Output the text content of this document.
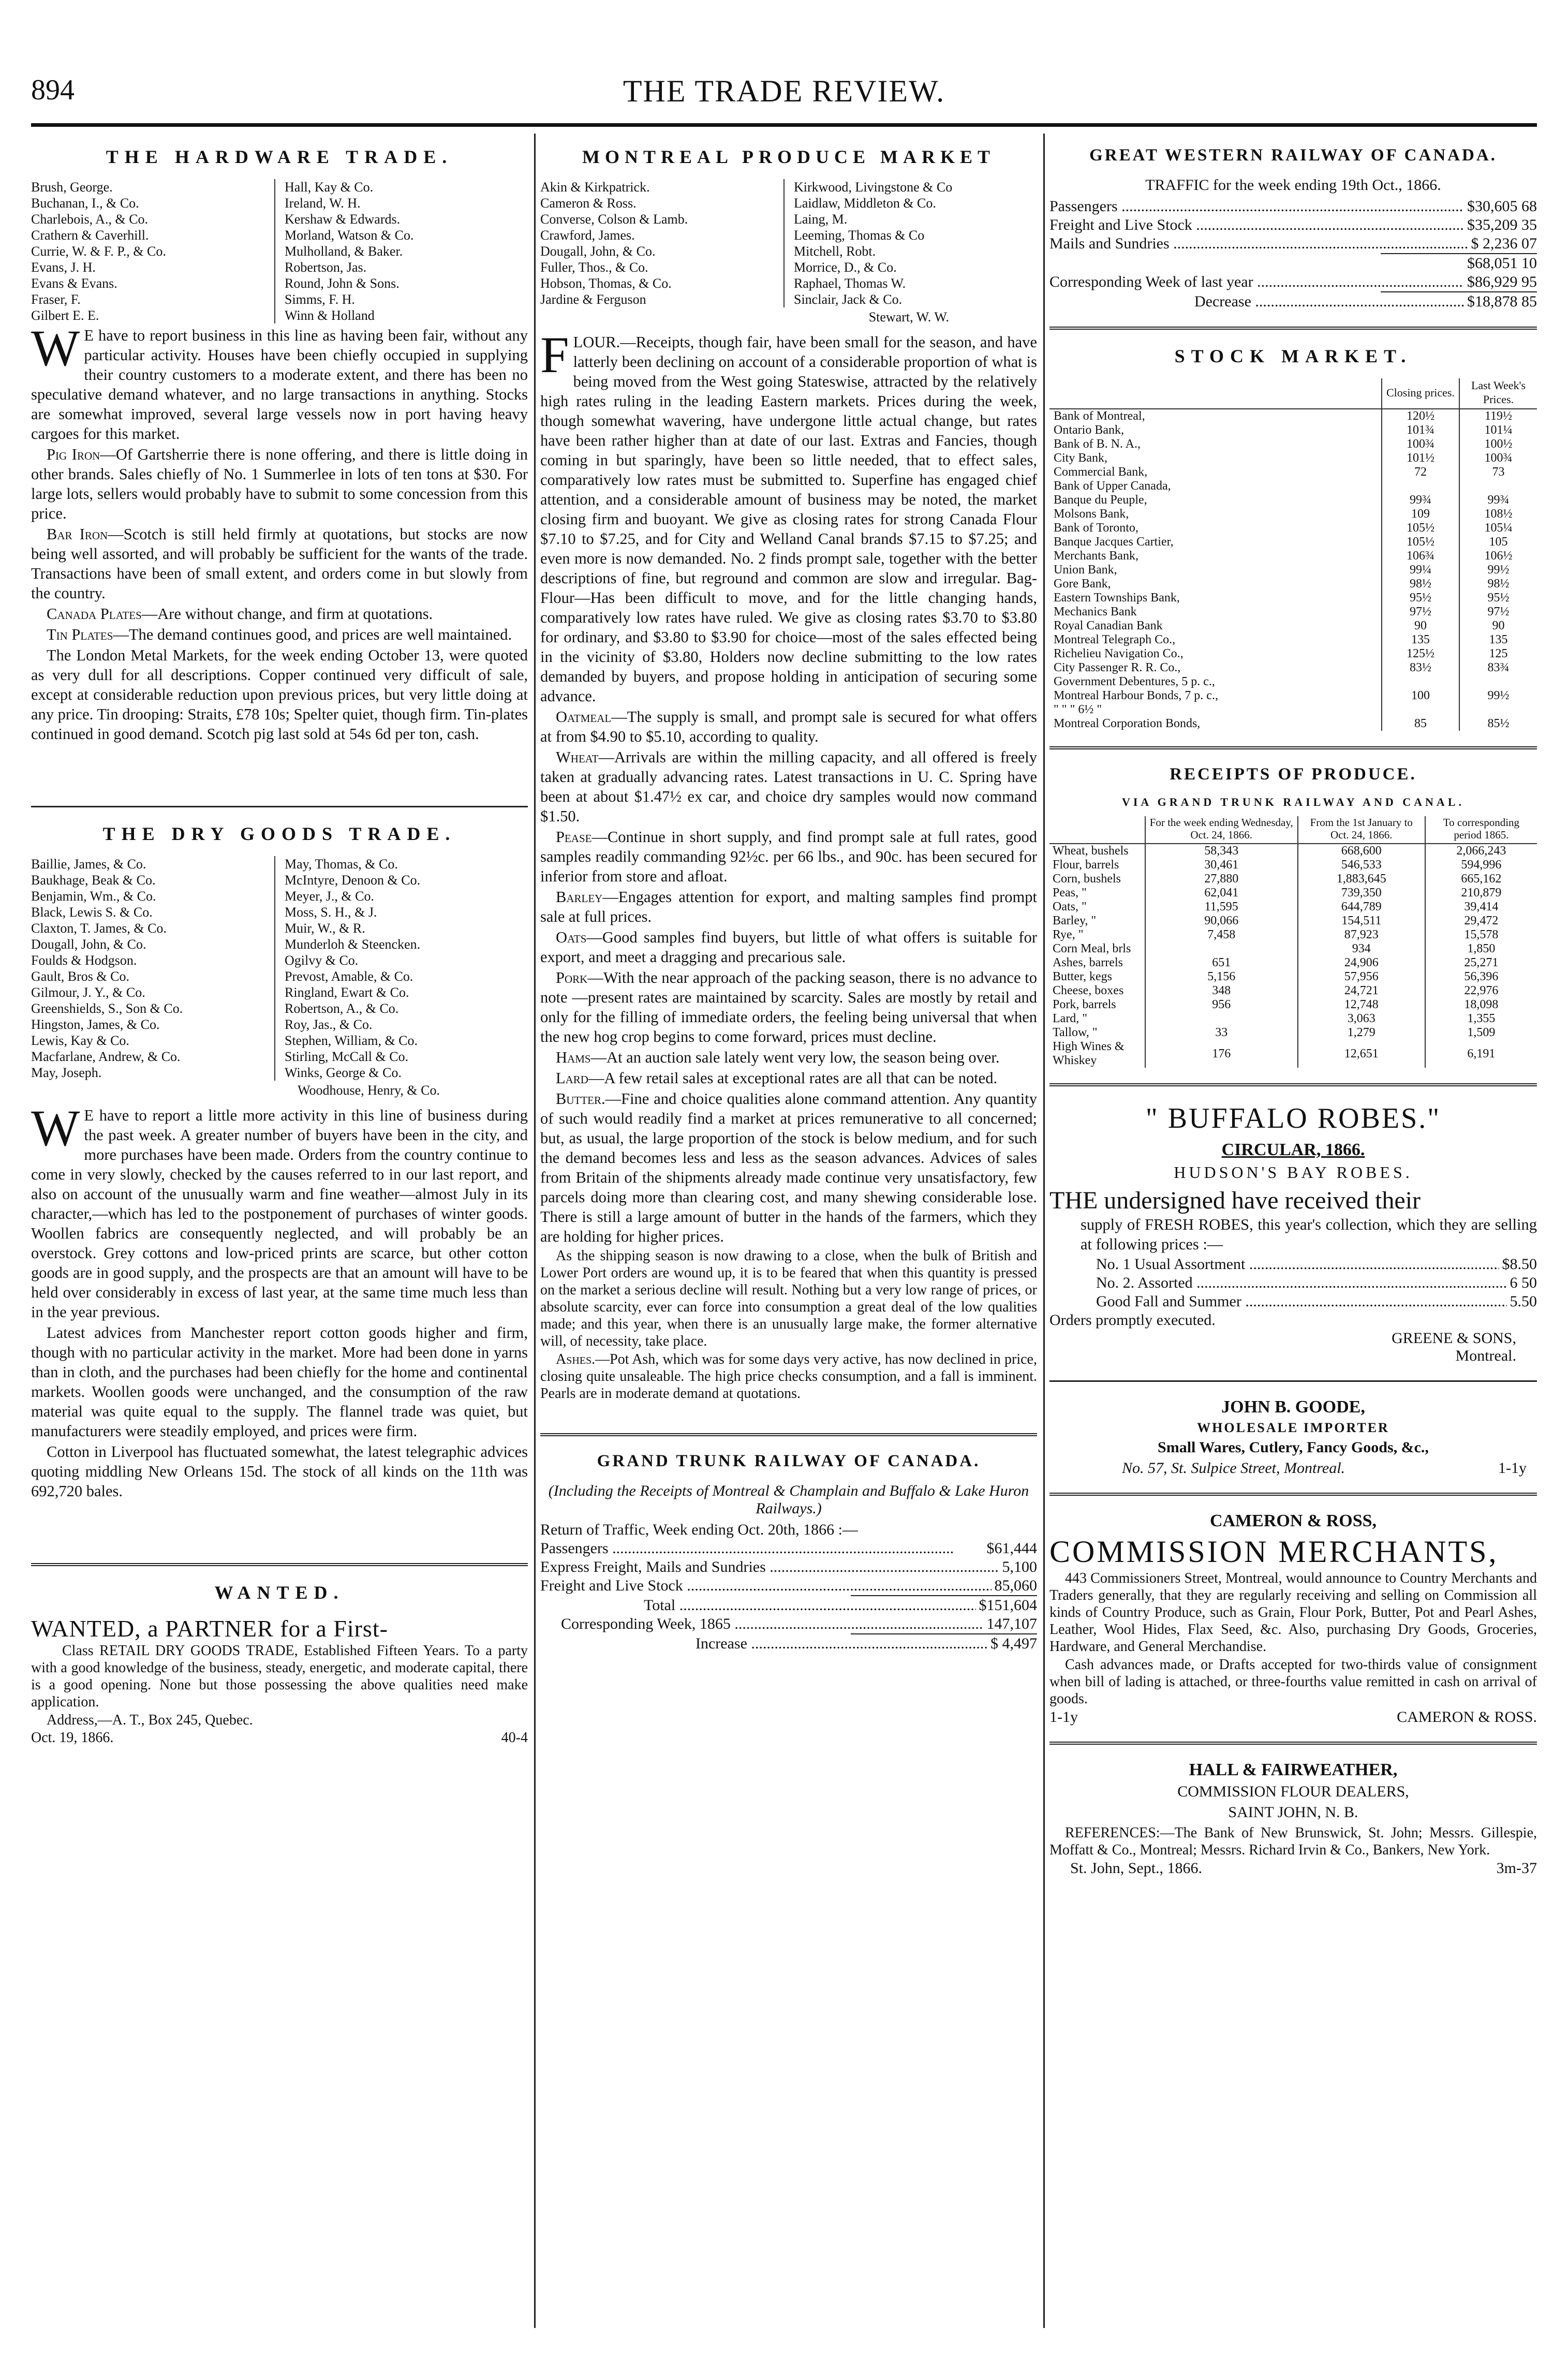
894	THE TRADE REVIEW.
THE HARDWARE TRADE.
Brush, George.
Buchanan, I., & Co.
Charlebois, A., & Co.
Crathern & Caverhill.
Currie, W. & F. P., & Co.
Evans, J. H.
Evans & Evans.
Fraser, F.
Gilbert E. E.
Hall, Kay & Co.
Ireland, W. H.
Kershaw & Edwards.
Morland, Watson & Co.
Mulholland, & Baker.
Robertson, Jas.
Round, John & Sons.
Simms, F. H.
Winn & Holland

WE have to report business in this line as having been fair, without any particular activity. Houses have been chiefly occupied in supplying their country customers to a moderate extent, and there has been no speculative demand whatever, and no large transactions in anything. Stocks are somewhat improved, several large vessels now in port having heavy cargoes for this market.

Pig Iron—Of Gartsherrie there is none offering, and there is little doing in other brands. Sales chiefly of No. 1 Summerlee in lots of ten tons at $30. For large lots, sellers would probably have to submit to some concession from this price.

Bar Iron—Scotch is still held firmly at quotations, but stocks are now being well assorted, and will probably be sufficient for the wants of the trade. Transactions have been of small extent, and orders come in but slowly from the country.

Canada Plates—Are without change, and firm at quotations.

Tin Plates—The demand continues good, and prices are well maintained.

The London Metal Markets, for the week ending October 13, were quoted as very dull for all descriptions. Copper continued very difficult of sale, except at considerable reduction upon previous prices, but very little doing at any price. Tin drooping: Straits, £78 10s; Spelter quiet, though firm. Tin-plates continued in good demand. Scotch pig last sold at 54s 6d per ton, cash.

THE DRY GOODS TRADE.
Baillie, James, & Co.
Baukhage, Beak & Co.
Benjamin, Wm., & Co.
Black, Lewis S. & Co.
Claxton, T. James, & Co.
Dougall, John, & Co.
Foulds & Hodgson.
Gault, Bros & Co.
Gilmour, J. Y., & Co.
Greenshields, S., Son & Co.
Hingston, James, & Co.
Lewis, Kay & Co.
Macfarlane, Andrew, & Co.
May, Joseph.
May, Thomas, & Co.
McIntyre, Denoon & Co.
Meyer, J., & Co.
Moss, S. H., & J.
Muir, W., & R.
Munderloh & Steencken.
Ogilvy & Co.
Prevost, Amable, & Co.
Ringland, Ewart & Co.
Robertson, A., & Co.
Roy, Jas., & Co.
Stephen, William, & Co.
Stirling, McCall & Co.
Winks, George & Co.
Woodhouse, Henry, & Co.

WE have to report a little more activity in this line of business during the past week. A greater number of buyers have been in the city, and more purchases have been made. Orders from the country continue to come in very slowly, checked by the causes referred to in our last report, and also on account of the unusually warm and fine weather—almost July in its character,—which has led to the postponement of purchases of winter goods. Woollen fabrics are consequently neglected, and will probably be an overstock. Grey cottons and low-priced prints are scarce, but other cotton goods are in good supply, and the prospects are that an amount will have to be held over considerably in excess of last year, at the same time much less than in the year previous.

Latest advices from Manchester report cotton goods higher and firm, though with no particular activity in the market. More had been done in yarns than in cloth, and the purchases had been chiefly for the home and continental markets. Woollen goods were unchanged, and the consumption of the raw material was quite equal to the supply. The flannel trade was quiet, but manufacturers were steadily employed, and prices were firm.

Cotton in Liverpool has fluctuated somewhat, the latest telegraphic advices quoting middling New Orleans 15d. The stock of all kinds on the 11th was 692,720 bales.

WANTED.
WANTED, a PARTNER for a First-

Class RETAIL DRY GOODS TRADE, Established Fifteen Years. To a party with a good knowledge of the business, steady, energetic, and moderate capital, there is a good opening. None but those possessing the above qualities need make application.

Address,—A. T., Box 245, Quebec.

Oct. 19, 1866.	40-4
MONTREAL PRODUCE MARKET
Akin & Kirkpatrick.
Cameron & Ross.
Converse, Colson & Lamb.
Crawford, James.
Dougall, John, & Co.
Fuller, Thos., & Co.
Hobson, Thomas, & Co.
Jardine & Ferguson
Kirkwood, Livingstone & Co
Laidlaw, Middleton & Co.
Laing, M.
Leeming, Thomas & Co
Mitchell, Robt.
Morrice, D., & Co.
Raphael, Thomas W.
Sinclair, Jack & Co.
Stewart, W. W.

FLOUR.—Receipts, though fair, have been small for the season, and have latterly been declining on account of a considerable proportion of what is being moved from the West going Stateswise, attracted by the relatively high rates ruling in the leading Eastern markets. Prices during the week, though somewhat wavering, have undergone little actual change, but rates have been rather higher than at date of our last. Extras and Fancies, though coming in but sparingly, have been so little needed, that to effect sales, comparatively low rates must be submitted to. Superfine has engaged chief attention, and a considerable amount of business may be noted, the market closing firm and buoyant. We give as closing rates for strong Canada Flour $7.10 to $7.25, and for City and Welland Canal brands $7.15 to $7.25; and even more is now demanded. No. 2 finds prompt sale, together with the better descriptions of fine, but reground and common are slow and irregular. Bag-Flour—Has been difficult to move, and for the little changing hands, comparatively low rates have ruled. We give as closing rates $3.70 to $3.80 for ordinary, and $3.80 to $3.90 for choice—most of the sales effected being in the vicinity of $3.80, Holders now decline submitting to the low rates demanded by buyers, and propose holding in anticipation of securing some advance.

Oatmeal—The supply is small, and prompt sale is secured for what offers at from $4.90 to $5.10, according to quality.

Wheat—Arrivals are within the milling capacity, and all offered is freely taken at gradually advancing rates. Latest transactions in U. C. Spring have been at about $1.47½ ex car, and choice dry samples would now command $1.50.

Pease—Continue in short supply, and find prompt sale at full rates, good samples readily commanding 92½c. per 66 lbs., and 90c. has been secured for inferior from store and afloat.

Barley—Engages attention for export, and malting samples find prompt sale at full prices.

Oats—Good samples find buyers, but little of what offers is suitable for export, and meet a dragging and precarious sale.

Pork—With the near approach of the packing season, there is no advance to note —present rates are maintained by scarcity. Sales are mostly by retail and only for the filling of immediate orders, the feeling being universal that when the new hog crop begins to come forward, prices must decline.

Hams—At an auction sale lately went very low, the season being over.

Lard—A few retail sales at exceptional rates are all that can be noted.

Butter.—Fine and choice qualities alone command attention. Any quantity of such would readily find a market at prices remunerative to all concerned; but, as usual, the large proportion of the stock is below medium, and for such the demand becomes less and less as the season advances. Advices of sales from Britain of the shipments already made continue very unsatisfactory, few parcels doing more than clearing cost, and many shewing considerable lose. There is still a large amount of butter in the hands of the farmers, which they are holding for higher prices.

As the shipping season is now drawing to a close, when the bulk of British and Lower Port orders are wound up, it is to be feared that when this quantity is pressed on the market a serious decline will result. Nothing but a very low range of prices, or absolute scarcity, ever can force into consumption a great deal of the low qualities made; and this year, when there is an unusually large make, the former alternative will, of necessity, take place.

Ashes.—Pot Ash, which was for some days very active, has now declined in price, closing quite unsaleable. The high price checks consumption, and a fall is imminent. Pearls are in moderate demand at quotations.

GRAND TRUNK RAILWAY OF CANADA.
(Including the Receipts of Montreal & Champlain and Buffalo & Lake Huron Railways.)
Return of Traffic, Week ending Oct. 20th, 1866 :—
Passengers .....	$61,444
Express Freight, Mails and Sundries .....	5,100
Freight and Live Stock .....	85,060
Total .....	$151,604
Corresponding Week, 1865 .....	147,107
Increase .....	$ 4,497
GREAT WESTERN RAILWAY OF CANADA.
TRAFFIC for the week ending 19th Oct., 1866.
Passengers .....	$30,605 68
Freight and Live Stock .....	$35,209 35
Mails and Sundries .....	$ 2,236 07
$68,051 10
Corresponding Week of last year .....	$86,929 95
Decrease .....	$18,878 85
STOCK MARKET.
	Closing prices.	Last Week's Prices.
Bank of Montreal,	120½	119½
Ontario Bank,	101¾	101¼
Bank of B. N. A.,	100¾	100½
City Bank,	101½	100¾
Commercial Bank,	72	73
Bank of Upper Canada,		
Banque du Peuple,	99¾	99¾
Molsons Bank,	109	108½
Bank of Toronto,	105½	105¼
Banque Jacques Cartier,	105½	105
Merchants Bank,	106¾	106½
Union Bank,	99¼	99½
Gore Bank,	98½	98½
Eastern Townships Bank,	95½	95½
Mechanics Bank	97½	97½
Royal Canadian Bank	90	90
Montreal Telegraph Co.,	135	135
Richelieu Navigation Co.,	125½	125
City Passenger R. R. Co.,	83½	83¾
Government Debentures, 5 p. c.,		
Montreal Harbour Bonds, 7 p. c.,	100	99½
" " " 6½ "		
Montreal Corporation Bonds,	85	85½
RECEIPTS OF PRODUCE.
VIA GRAND TRUNK RAILWAY AND CANAL.
	For the week ending Wednesday, Oct. 24, 1866.	From the 1st January to Oct. 24, 1866.	To corresponding period 1865.
Wheat, bushels	58,343	668,600	2,066,243
Flour, barrels	30,461	546,533	594,996
Corn, bushels	27,880	1,883,645	665,162
Peas, "	62,041	739,350	210,879
Oats, "	11,595	644,789	39,414
Barley, "	90,066	154,511	29,472
Rye, "	7,458	87,923	15,578
Corn Meal, brls		934	1,850
Ashes, barrels	651	24,906	25,271
Butter, kegs	5,156	57,956	56,396
Cheese, boxes	348	24,721	22,976
Pork, barrels	956	12,748	18,098
Lard, "		3,063	1,355
Tallow, "	33	1,279	1,509
High Wines & Whiskey	176	12,651	6,191
" BUFFALO ROBES."
CIRCULAR, 1866.
HUDSON'S BAY ROBES.
THE undersigned have received their

supply of FRESH ROBES, this year's collection, which they are selling at following prices :—

No. 1 Usual Assortment .....	$8.50
No. 2. Assorted .....	6 50
Good Fall and Summer .....	5.50
Orders promptly executed.
GREENE & SONS,
Montreal.
JOHN B. GOODE,
WHOLESALE IMPORTER
Small Wares, Cutlery, Fancy Goods, &c.,
No. 57, St. Sulpice Street, Montreal.	1-1y
CAMERON & ROSS,
COMMISSION MERCHANTS,

443 Commissioners Street, Montreal, would announce to Country Merchants and Traders generally, that they are regularly receiving and selling on Commission all kinds of Country Produce, such as Grain, Flour Pork, Butter, Pot and Pearl Ashes, Leather, Wool Hides, Flax Seed, &c. Also, purchasing Dry Goods, Groceries, Hardware, and General Merchandise.

Cash advances made, or Drafts accepted for two-thirds value of consignment when bill of lading is attached, or three-fourths value remitted in cash on arrival of goods.

1-1y	CAMERON & ROSS.
HALL & FAIRWEATHER,
COMMISSION FLOUR DEALERS,
SAINT JOHN, N. B.

REFERENCES:—The Bank of New Brunswick, St. John; Messrs. Gillespie, Moffatt & Co., Montreal; Messrs. Richard Irvin & Co., Bankers, New York.

St. John, Sept., 1866.	3m-37
